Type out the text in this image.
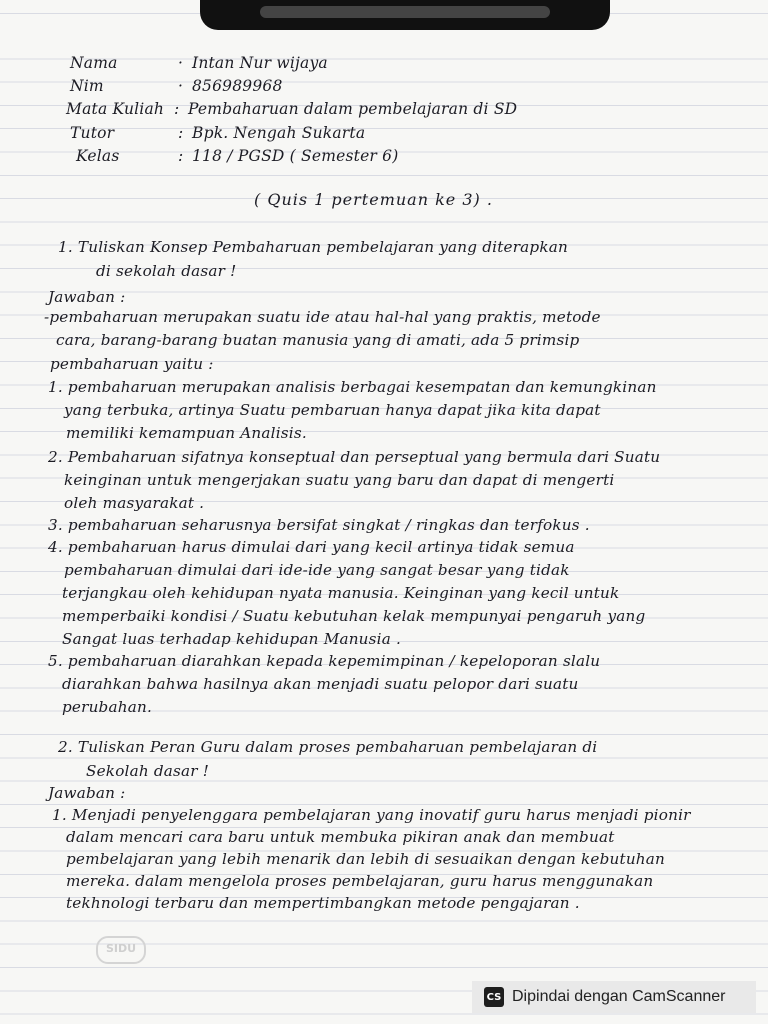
Nama	· Intan Nur wijaya
Nim	· 856989968
Mata Kuliah : Pembaharuan dalam pembelajaran di SD
Tutor	: Bpk. Nengah Sukarta
Kelas	: 118 / PGSD ( Semester 6)
( Quis 1 pertemuan ke 3) .
1. Tuliskan Konsep Pembaharuan pembelajaran yang diterapkan
di sekolah dasar !
Jawaban :
-pembaharuan merupakan suatu ide atau hal-hal yang praktis, metode
cara, barang-barang buatan manusia yang di amati, ada 5 primsip
pembaharuan yaitu :
1. pembaharuan merupakan analisis berbagai kesempatan dan kemungkinan
yang terbuka, artinya Suatu pembaruan hanya dapat jika kita dapat
memiliki kemampuan Analisis.
2. Pembaharuan sifatnya konseptual dan perseptual yang bermula dari Suatu
keinginan untuk mengerjakan suatu yang baru dan dapat di mengerti
oleh masyarakat .
3. pembaharuan seharusnya bersifat singkat / ringkas dan terfokus .
4. pembaharuan harus dimulai dari yang kecil artinya tidak semua
pembaharuan dimulai dari ide-ide yang sangat besar yang tidak
terjangkau oleh kehidupan nyata manusia. Keinginan yang kecil untuk
memperbaiki kondisi / Suatu kebutuhan kelak mempunyai pengaruh yang
Sangat luas terhadap kehidupan Manusia .
5. pembaharuan diarahkan kepada kepemimpinan / kepeloporan slalu
diarahkan bahwa hasilnya akan menjadi suatu pelopor dari suatu
perubahan.
2. Tuliskan Peran Guru dalam proses pembaharuan pembelajaran di
Sekolah dasar !
Jawaban :
1. Menjadi penyelenggara pembelajaran yang inovatif guru harus menjadi pionir
dalam mencari cara baru untuk membuka pikiran anak dan membuat
pembelajaran yang lebih menarik dan lebih di sesuaikan dengan kebutuhan
mereka. dalam mengelola proses pembelajaran, guru harus menggunakan
tekhnologi terbaru dan mempertimbangkan metode pengajaran .
SIDU
CS Dipindai dengan CamScanner
